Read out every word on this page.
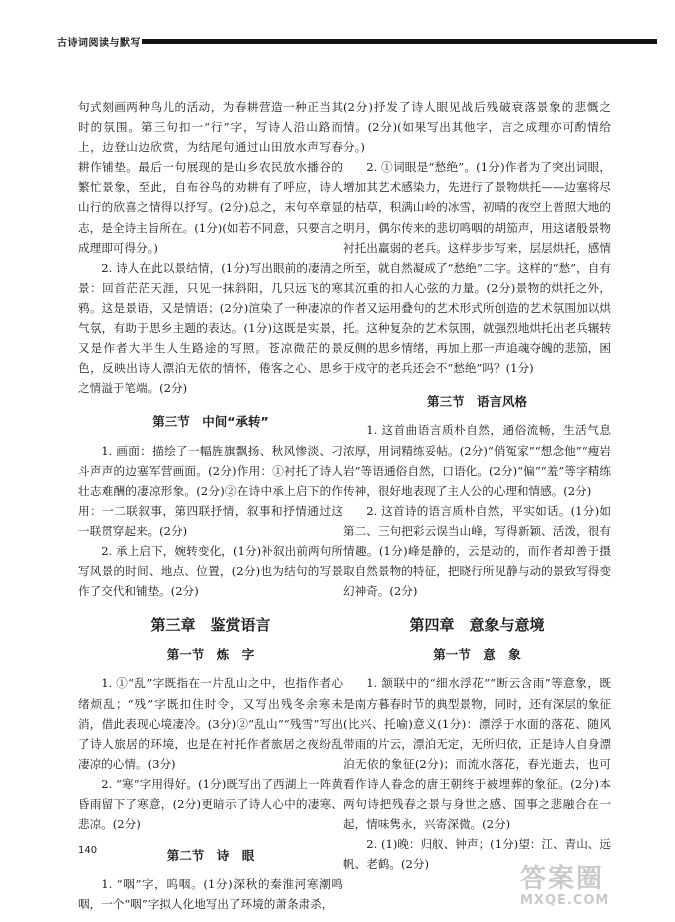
古诗词阅读与默写

句式刻画两种鸟儿的活动，为春耕营造一种正当其时的氛围。第三句扣一“行”字，写诗人沿山路而上，边登山边欣赏，为结尾句通过山田放水声写春耕作铺垫。最后一句展现的是山乡农民放水播谷的繁忙景象，至此，自布谷鸟的劝耕有了呼应，诗人山行的欣喜之情得以抒写。(2分)总之，末句卒章显志，是全诗主旨所在。(1分)(如若不同意，只要言之成理即可得分。)

2. 诗人在此以景结情，(1分)写出眼前的凄清之景：回首茫茫天涯，只见一抹斜阳，几只远飞的寒鸦。这是景语，又是情语；(2分)渲染了一种凄凉的气氛，有助于思乡主题的表达。(1分)这既是实景，又是作者大半生人生路途的写照。苍凉微茫的景色，反映出诗人漂泊无依的情怀，倦客之心、思乡之情溢于笔端。(2分)

第三节　中间“承转”

1. 画面：描绘了一幅旌旗飘扬、秋风惨淡、刁斗声声的边塞军营画面。(2分)作用：①衬托了诗人壮志难酬的凄凉形象。(2分)②在诗中承上启下的作用：一二联叙事，第四联抒情，叙事和抒情通过这一联贯穿起来。(2分)

2. 承上启下，婉转变化，(1分)补叙出前两句所写风景的时间、地点、位置，(2分)也为结句的写景作了交代和铺垫。(2分)

第三章　鉴赏语言

第一节　炼　字

1. ①“乱”字既指在一片乱山之中，也指作者心绪烦乱；“残”字既扣住时令，又写出残冬余寒未消，借此表现心境凄冷。(3分)②“乱山”“残雪”写出了诗人旅居的环境，也是在衬托作者旅居之夜纷乱凄凉的心情。(3分)

2. “寒”字用得好。(1分)既写出了西湖上一阵黄昏雨留下了寒意，(2分)更暗示了诗人心中的凄寒、悲凉。(2分)

第二节　诗　眼

1. “咽”字，呜咽。(1分)深秋的秦淮河寒潮鸣咽，一个“咽”字拟人化地写出了环境的萧条肃杀，

(2分)抒发了诗人眼见战后残破衰落景象的悲慨之情。(2分)(如果写出其他字，言之成理亦可酌情给分。)

2. ①词眼是“愁绝”。(1分)作者为了突出词眼，增加其艺术感染力，先进行了景物烘托——边塞将尽的枯草，积满山岭的冰雪，初晴的夜空上普照大地的明月，偶尔传来的悲切鸣咽的胡笳声，用这诸般景物衬托出羸弱的老兵。这样步步写来，层层烘托，感情所至，就自然凝成了“愁绝”二字。这样的“愁”，自有其沉重的扣人心弦的力量。(2分)景物的烘托之外，作者又运用叠句的艺术形式所创造的艺术氛围加以烘托。这种复杂的艺术氛围，就强烈地烘托出老兵辗转反侧的思乡情绪，再加上那一声追魂夺魄的悲笳，困于戍守的老兵还会不“愁绝”吗？(1分)

第三节　语言风格

1. 这首曲语言质朴自然，通俗流畅，生活气息浓厚，用词精练妥帖。(2分)“俏冤家”“想念他”“瘦岩岩”等语通俗自然，口语化。(2分)“偏”“羞”等字精练传神，很好地表现了主人公的心理和情感。(2分)

2. 这首诗的语言质朴自然，平实如话。(1分)如第二、三句把彩云误当山峰，写得新颖、活泼，很有情趣。(1分)峰是静的，云是动的，而作者却善于摄取自然景物的特征，把晓行所见静与动的景致写得变幻神奇。(2分)

第四章　意象与意境

第一节　意　象

1. 颔联中的“细水浮花”“断云含雨”等意象，既是南方暮春时节的典型景物，同时，还有深层的象征(比兴、托喻)意义(1分)：漂浮于水面的落花、随风带雨的片云，漂泊无定，无所归依，正是诗人自身漂泊无依的象征(2分)；而流水落花，春光逝去，也可看作诗人眷念的唐王朝终于被埋葬的象征。(2分)本两句诗把残春之景与身世之感、国事之悲融合在一起，情味隽永，兴寄深微。(2分)

2. (1)晚：归舣、钟声；(1分)望：江、青山、远帆、老鹤。(2分)

140
答案圈
MXQE.COM
